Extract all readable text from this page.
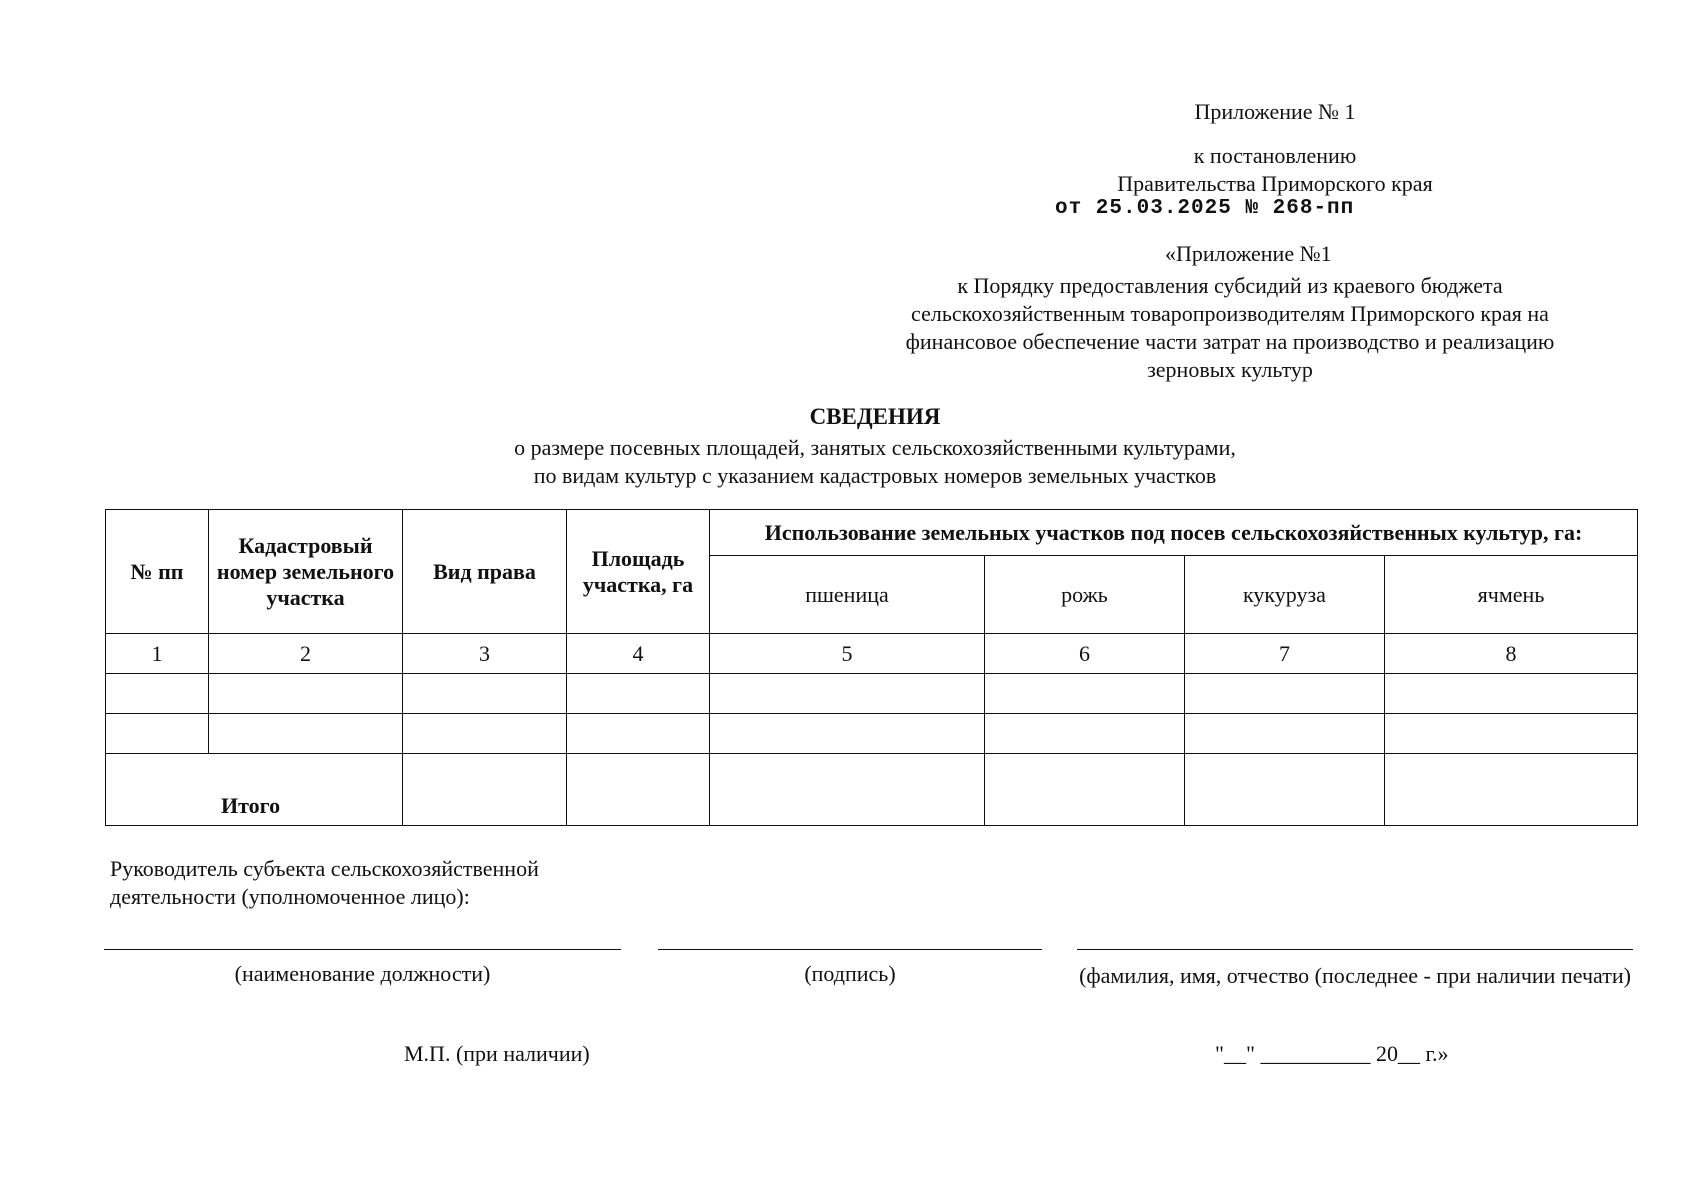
Приложение № 1
к постановлению
Правительства Приморского края
от 25.03.2025 № 268-пп
«Приложение №1
к Порядку предоставления субсидий из краевого бюджета
сельскохозяйственным товаропроизводителям Приморского края на
финансовое обеспечение части затрат на производство и реализацию
зерновых культур
СВЕДЕНИЯ
о размере посевных площадей, занятых сельскохозяйственными культурами,
по видам культур с указанием кадастровых номеров земельных участков
№ пп	Кадастровый номер земельного участка	Вид права	Площадь участка, га	Использование земельных участков под посев сельскохозяйственных культур, га:			
				пшеница	рожь	кукуруза	ячмень
1	2	3	4	5	6	7	8

Итого							
Руководитель субъекта сельскохозяйственной
деятельности (уполномоченное лицо):
(наименование должности)	(подпись)	(фамилия, имя, отчество (последнее - при наличии печати)
М.П. (при наличии)	"__" __________ 20__ г.»
